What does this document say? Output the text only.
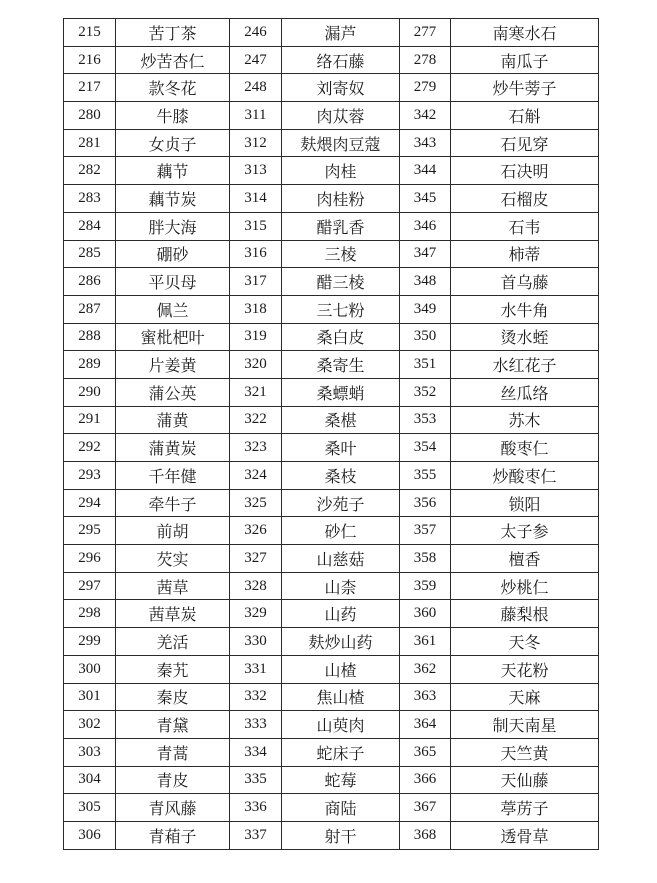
215	苦丁茶	246	漏芦	277	南寒水石
216	炒苦杏仁	247	络石藤	278	南瓜子
217	款冬花	248	刘寄奴	279	炒牛蒡子
280	牛膝	311	肉苁蓉	342	石斛
281	女贞子	312	麸煨肉豆蔻	343	石见穿
282	藕节	313	肉桂	344	石决明
283	藕节炭	314	肉桂粉	345	石榴皮
284	胖大海	315	醋乳香	346	石韦
285	硼砂	316	三棱	347	柿蒂
286	平贝母	317	醋三棱	348	首乌藤
287	佩兰	318	三七粉	349	水牛角
288	蜜枇杷叶	319	桑白皮	350	烫水蛭
289	片姜黄	320	桑寄生	351	水红花子
290	蒲公英	321	桑螵蛸	352	丝瓜络
291	蒲黄	322	桑椹	353	苏木
292	蒲黄炭	323	桑叶	354	酸枣仁
293	千年健	324	桑枝	355	炒酸枣仁
294	牵牛子	325	沙苑子	356	锁阳
295	前胡	326	砂仁	357	太子参
296	芡实	327	山慈菇	358	檀香
297	茜草	328	山柰	359	炒桃仁
298	茜草炭	329	山药	360	藤梨根
299	羌活	330	麸炒山药	361	天冬
300	秦艽	331	山楂	362	天花粉
301	秦皮	332	焦山楂	363	天麻
302	青黛	333	山萸肉	364	制天南星
303	青蒿	334	蛇床子	365	天竺黄
304	青皮	335	蛇莓	366	天仙藤
305	青风藤	336	商陆	367	葶苈子
306	青葙子	337	射干	368	透骨草
